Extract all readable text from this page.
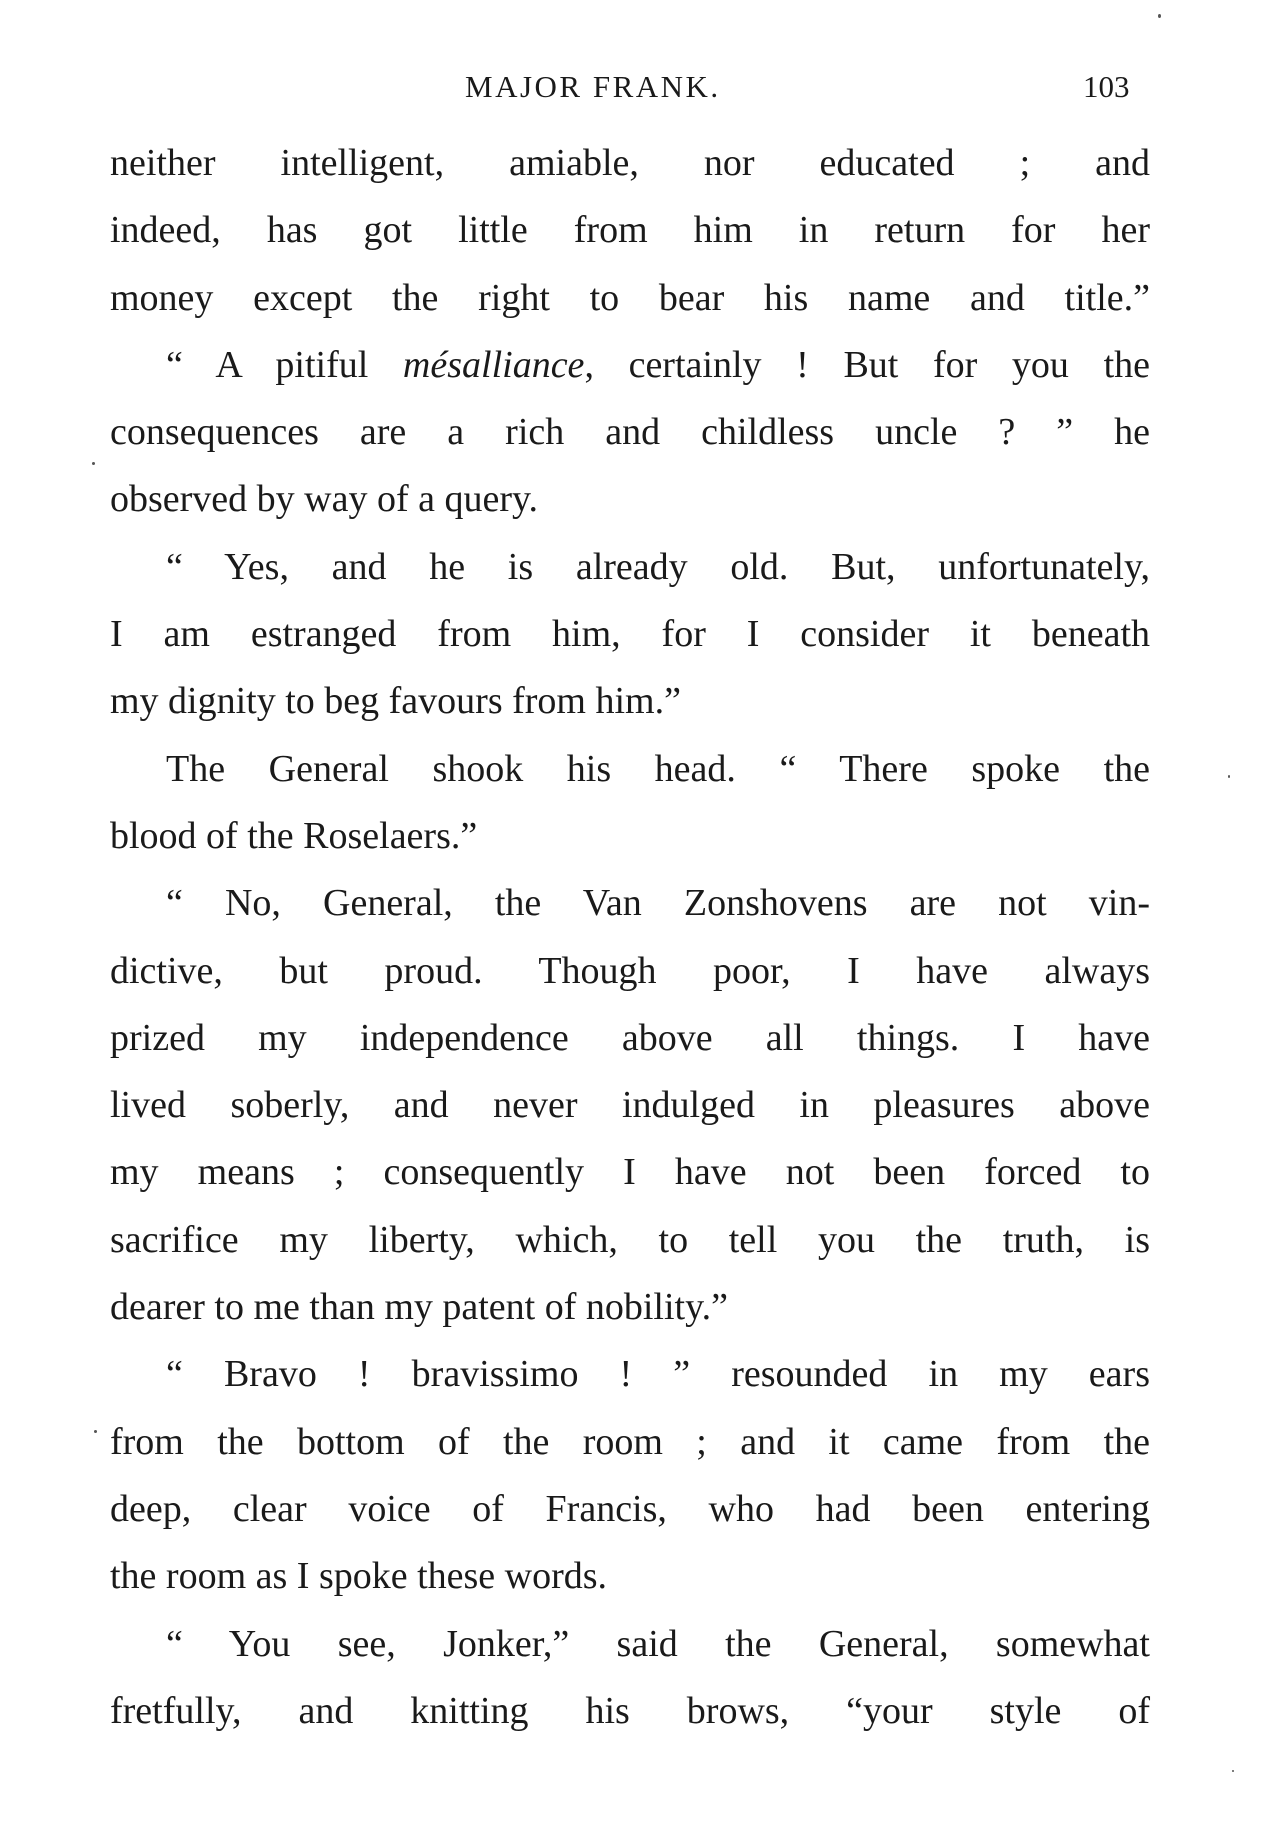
MAJOR FRANK.	103
neither intelligent, amiable, nor educated ; and
indeed, has got little from him in return for her
money except the right to bear his name and title.”
“ A pitiful mésalliance, certainly ! But for you the
consequences are a rich and childless uncle ? ” he
observed by way of a query.
“ Yes, and he is already old. But, unfortunately,
I am estranged from him, for I consider it beneath
my dignity to beg favours from him.”
The General shook his head. “ There spoke the
blood of the Roselaers.”
“ No, General, the Van Zonshovens are not vin-
dictive, but proud. Though poor, I have always
prized my independence above all things. I have
lived soberly, and never indulged in pleasures above
my means ; consequently I have not been forced to
sacrifice my liberty, which, to tell you the truth, is
dearer to me than my patent of nobility.”
“ Bravo ! bravissimo ! ” resounded in my ears
from the bottom of the room ; and it came from the
deep, clear voice of Francis, who had been entering
the room as I spoke these words.
“ You see, Jonker,” said the General, somewhat
fretfully, and knitting his brows, “your style of
